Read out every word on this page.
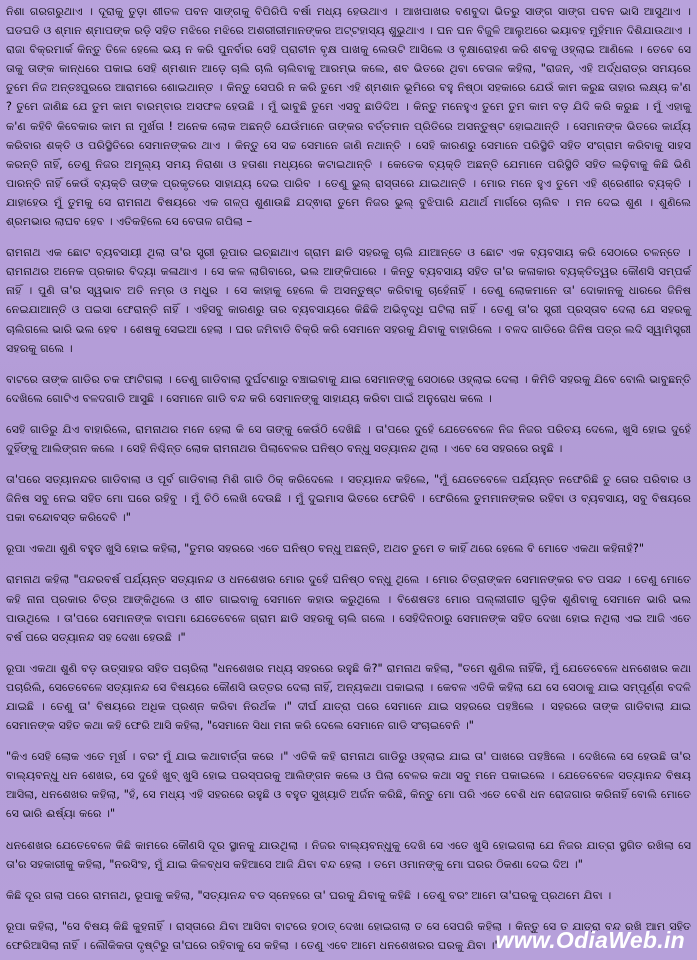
ନିଶା ଗରଗରୁଥାଏ । ଦୂରାକୁ ତୁଡ଼ା ଶୀତଳ ପବନ ସାଙ୍ଗକୁ ବିପିରିପି ବର୍ଷା ମଧ୍ୟ ହେଉଥାଏ । ଆଖପାଖର ବଣବୁଦା ଭିତରୁ ସାଙ୍ଗ ସାଙ୍ଗ ପବନ ଭାସି ଆସୁଥାଏ । ଘଡଘଡି ଓ ଶ୍ମାନ ଶ୍ମାପଙ୍କ ରଡ଼ି ସହିତ ମଝିରେ ମଝିରେ ଅଶରୀରୀମାନଙ୍କର ଅଟ୍ଟହାସ୍ୟ ଶୁଭୁଥାଏ । ଘନ ଘନ ବିଜୁଳି ଆଲୁଅରେ ଭୟାବହ ମୁହଁମାନ ଦିଶିଯାଉଥାଏ । ରାଜା ବିକ୍ରମାର୍କ କିନ୍ତୁ ତିଳେ ହେଲେ ଭୟ ନ କରି ପୁନର୍ବାର ସେହି ପ୍ରାଚୀନ ବୃକ୍ଷ ପାଖକୁ ଲେଉଟି ଆସିଲେ ଓ ବୃକ୍ଷାରୋହଣ କରି ଶବକୁ ଓହ୍ଲାଇ ଆଣିଲେ । ତେବେ ସେ ତାକୁ ତାଙ୍କ କାନ୍ଧରେ ପକାଇ ସେହି ଶ୍ମଶାନ ଆଡ଼େ ଚାଲି ଚାଲି ଚାଲିବାକୁ ଆରମ୍ଭ କଲେ, ଶବ ଭିତରେ ଥିବା ବେତାଳ କହିଲା, "ରାଜନ୍, ଏହି ଅର୍ଦ୍ଧରାତ୍ର ସମୟରେ ତୁମେ ନିଜ ଅନ୍ତଃପୁରରେ ଆରାମରେ ଶୋଇଥାନ୍ତ । କିନ୍ତୁ ସେପରି ନ କରି ତୁମେ ଏହି ଶ୍ମଶାନ ଭୂମିରେ ବହୁ ନିଷ୍ଠା ସହକାରେ ଯେଉଁ କାମ କରୁଛ ତାହାର ଲକ୍ଷ୍ୟ କ'ଣ ? ତୁମେ ଜାଣିଛ ଯେ ତୁମ କାମ ବାରମ୍ବାର ଅସଫଳ ହେଉଛି । ମୁଁ ଭାବୁଛି ତୁମେ ଏସବୁ ଛାଡିଦିଅ । କିନ୍ତୁ ମନେହୁଏ ତୁମେ ତୁମ କାମ ବଡ଼ ଯିଦି କରି କରୁଛ । ମୁଁ ଏହାକୁ କ'ଣ କହିବି କିବେକାର କାମ ନା ମୁର୍ଖତା ! ଅନେକ ଲୋକ ଅଛନ୍ତି ଯେଉଁମାନେ ତାଙ୍କର ବର୍ତ୍ତମାନ ପ୍ରିତିରେ ଅସନ୍ତୁଷ୍ଟ ହୋଇଥାନ୍ତି । ସେମାନଙ୍କ ଭିତରେ କାର୍ଯ୍ୟ କରିବାର ଶକ୍ତି ଓ ପରିସ୍ଥିତିରେ ସେମାନଙ୍କର ଥାଏ । କିନ୍ତୁ ସେ ସଚ୍ଚ ସେମାନେ ଜାଣି ନଥାନ୍ତି । ସେହି କାରଣରୁ ସେମାନେ ପରିସ୍ଥିତି ସହିତ ସଂଗ୍ରାମ କରିବାକୁ ସାହସ କରନ୍ତି ନାହିଁ, ତେଣୁ ନିଜର ଅମୂଲ୍ୟ ସମୟ ନିରାଶା ଓ ହତାଶା ମଧ୍ୟରେ କଟାଇଥାନ୍ତି । କେତେକ ବ୍ୟକ୍ତି ଅଛନ୍ତି ଯେମାନେ ପରିସ୍ଥିତି ସହିତ ଲଢ଼ିବାକୁ କିଛି ଭିଣି ପାରନ୍ତି ନାହିଁ କେଉଁ ବ୍ୟକ୍ତି ତାଙ୍କ ପ୍ରକୃତରେ ସାହାଯ୍ୟ ଦେଇ ପାରିବ । ତେଣୁ ଭୁଲ୍ ରାସ୍ତାରେ ଯାଇଥାନ୍ତି । ମୋର ମନେ ହୁଏ ତୁମେ ଏହି ଶ୍ରେଣୀର ବ୍ୟକ୍ତି । ଯାହାହେଉ ମୁଁ ତୁମକୁ ସେ ରାମନାଥ ବିଷୟରେ ଏକ ଗଳ୍ପ ଶୁଣାଉଛି ଯଦ୍ଵାରା ତୁମେ ନିଜର ଭୁଲ୍ ବୁଝିପାରି ଯଥାର୍ଥ ମାର୍ଗରେ ଚାଲିବ । ମନ ଦେଇ ଶୁଣ । ଶୁଣିଲେ ଶ୍ରମଭାର ଲାଘବ ହେବ । ଏତିକହିଲେ ସେ ବେତାଳ ଗପିଲା –

ରାମନାଥ ଏକ ଛୋଟ ବ୍ୟବସାୟୀ ଥିଲା ତା'ର ସ୍ତ୍ରୀ ରୂପାର ଇଚ୍ଛାଥାଏ ଗ୍ରାମ ଛାଡି ସହରକୁ ଚାଲି ଯାଆନ୍ତେ ଓ ଛୋଟ ଏକ ବ୍ୟବସାୟ କରି ସେଠାରେ ଚଳନ୍ତେ । ରାମନାଥର ଅନେକ ପ୍ରକାର ବିଦ୍ୟା କଳାଥାଏ । ସେ କଳ ଲାଗିବାରେ, ଭଲ ଆଙ୍କିପାରେ । କିନ୍ତୁ ବ୍ୟବସାୟ ସହିତ ତା'ର କଳାକାର ବ୍ୟକ୍ତିତ୍ୱର କୌଣସି ସମ୍ପର୍କ ନାହିଁ । ପୁଣି ତା'ର ସ୍ୱଭାବ ଅତି ନମ୍ର ଓ ମଧୁର । ସେ କାହାକୁ ହେଲେ କି ଅସନ୍ତୁଷ୍ଟ କରିବାକୁ ଚାହେଁନାହିଁ । ତେଣୁ ଲୋକମାନେ ତା' ଦୋକାନକୁ ଧାରରେ ଜିନିଷ ନେଇଯାଆନ୍ତି ଓ ପଇସା ଫେରାନ୍ତି ନାହିଁ । ଏହିସବୁ କାରଣରୁ ତାର ବ୍ୟବସାୟରେ କିଛିକି ଅଭିବୃଦ୍ଧି ଘଟିଲା ନାହିଁ । ତେଣୁ ତା'ର ସ୍ତ୍ରୀ ପ୍ରସ୍ତାବ ଦେଲା ଯେ ସହରକୁ ଚାଲିଗଲେ ଭାରି ଭଲ ହେବ । ଶେଷକୁ ସେଇଆ ହେଲା । ଘର ଜମିବାଡି ବିକ୍ରି କରି ସେମାନେ ସହରକୁ ଯିବାକୁ ବାହାରିଲେ । ବଳଦ ଗାଡିରେ ଜିନିଷ ପତ୍ର ଲଦି ସ୍ୱାମିସ୍ତ୍ରୀ ସହରକୁ ଗଲେ ।

ବାଟରେ ତାଙ୍କ ଗାଡିର ଚକ ଫାଟିଗଲା । ତେଣୁ ଗାଡିବାଲା ଦୁର୍ଘଟଣାରୁ ବଞ୍ଚାଇବାକୁ ଯାଇ ସେମାନଙ୍କୁ ସେଠାରେ ଓହ୍ଲାଇ ଦେଲା । କିମିତି ସହରକୁ ଯିବେ ବୋଲି ଭାବୁଛନ୍ତି ଦେଖିଲେ ଗୋଟିଏ ବଳଦଗାଡି ଆସୁଛି । ସେମାନେ ଗାଡି ବନ୍ଦ କରି ସେମାନଙ୍କୁ ସାହାଯ୍ୟ କରିବା ପାଇଁ ଅନୁରୋଧ କଲେ ।

ସେହି ଗାଡିରୁ ଯିଏ ବାହାରିଲେ, ରାମନାଥର ମନେ ହେଲା କି ସେ ତାଙ୍କୁ କେଉଁଠି ଦେଖିଛି । ତା'ପରେ ଦୁହେଁ ଯେତେବେଳେ ନିଜ ନିଜର ପରିଚୟ ଦେଲେ, ଖୁସି ହୋଇ ଦୁହେଁ ଦୁହିଁଙ୍କୁ ଆଲିଙ୍ଗନ କଲେ । ସେହି ନିଶ୍ଚିନ୍ତ ଲୋକ ରାମନାଥର ପିଲାବେଳର ଘନିଷ୍ଠ ବନ୍ଧୁ ସତ୍ୟାନନ୍ଦ ଥିଲା । ଏବେ ସେ ସହରରେ ରହୁଛି ।

ତା'ପରେ ସତ୍ୟାନନ୍ଦର ଗାଡିବାଲା ଓ ପୂର୍ବ ଗାଡିବାଲା ମିଶି ଗାଡି ଠିକ୍ କରିଦେଲେ । ସତ୍ୟାନନ୍ଦ କହିଲେ, "ମୁଁ ଯେତେବେଳେ ପର୍ଯ୍ୟନ୍ତ ନଫେରିଛି ତୁ ତୋର ପରିବାର ଓ ଜିନିଷ ସବୁ ନେଇ ସହିତ ମୋ ଘରେ ରହିବୁ । ମୁଁ ଚିଠି ଲେଖି ଦେଉଛି । ମୁଁ ଦୁଇମାସ ଭିତରେ ଫେରିବି । ଫେରିଲେ ତୁମମାନଙ୍କର ରହିବା ଓ ବ୍ୟବସାୟ, ସବୁ ବିଷୟରେ ପକା ବନ୍ଦୋବସ୍ତ କରିଦେବି ।"

ରୂପା ଏକଥା ଶୁଣି ବହୁତ ଖୁସି ହୋଇ କହିଲା, "ତୁମର ସହରରେ ଏତେ ଘନିଷ୍ଠ ବନ୍ଧୁ ଅଛନ୍ତି, ଅଥଚ ତୁମେ ତ କାହିଁ ଥରେ ହେଲେ ବି ମୋତେ ଏକଥା କହିନାହଁ?"

ରାମନାଥ କହିଲା "ପନ୍ଦରବର୍ଷ ପର୍ଯ୍ୟନ୍ତ ସତ୍ୟାନନ୍ଦ ଓ ଧନଶେଖର ମୋର ଦୁହେଁ ଘନିଷ୍ଠ ବନ୍ଧୁ ଥିଲେ । ମୋର ଚିତ୍ରାଙ୍କନ ସେମାନଙ୍କର ବଡ ପସନ୍ଦ । ତେଣୁ ମୋତେ କହି ନାନା ପ୍ରକାର ଚିତ୍ର ଆଙ୍କିଥିଲେ ଓ ଶୀତ ଗାଇବାକୁ ସେମାନେ କହାଉ କରୁଥିଲେ । ବିଶେଷତଃ ମୋର ପଲ୍ଲୀଗୀତ ଗୁଡ଼ିକ ଶୁଣିବାକୁ ସେମାନେ ଭାରି ଭଲ ପାଉଥିଲେ । ତା'ପରେ ସେମାନଙ୍କ ବାପମା ଯେତେବେଳେ ଗ୍ରାମ ଛାଡି ସହରକୁ ଚାଲି ଗଲେ । ସେହିଦିନଠାରୁ ସେମାନଙ୍କ ସହିତ ଦେଖା ହୋଇ ନଥିଲା ଏଇ ଆଜି ଏତେ ବର୍ଷ ପରେ ସତ୍ୟାନନ୍ଦ ସହ ଦେଖା ହେଉଛି ।"

ରୂପା ଏକଥା ଶୁଣି ବଡ଼ ଉତ୍ସାହର ସହିତ ପଚାରିଲା "ଧନଶେଖର ମଧ୍ୟ ସହରରେ ରହୁଛି କି?" ରାମନାଥ କହିଲା, "ତମେ ଶୁଣିଲ ନାହିଁକି, ମୁଁ ଯେତେବେଳେ ଧନଶେଖର କଥା ପଚାରିଲି, ସେତେବେଳେ ସତ୍ୟାନନ୍ଦ ସେ ବିଷୟରେ କୌଣସି ଉତ୍ତର ଦେଲା ନାହିଁ, ଅନ୍ୟକଥା ପକାଇଲା । କେବଳ ଏତିକି କହିଲା ଯେ ସେ ସେଠାକୁ ଯାଇ ସମ୍ପୂର୍ଣ୍ଣ ବଦଳି ଯାଇଛି । ତେଣୁ ତା' ବିଷୟରେ ଅଧିକ ପ୍ରଶ୍ନ କରିବା ନିରର୍ଥକ ।" ଦୀର୍ଘ ଯାତ୍ରା ପରେ ସେମାନେ ଯାଇ ସହରରେ ପହଞ୍ଚିଲେ । ସହରରେ ତାଙ୍କ ଗାଡିବାଲା ଯାଇ ସେମାନଙ୍କ ସହିତ କଥା କହି ଫେରି ଆସି କହିଲା, "ସେମାନେ ସିଧା ମନା କରି ଦେଲେ ସେମାନେ ଗାଡି ସଂଚାଇବେନି ।"

"କିଏ ସେହି ଲୋକ ଏତେ ମୂର୍ଖ । ବରଂ ମୁଁ ଯାଇ କଥାବାର୍ତ୍ତା କରେ ।" ଏତିକି କହି ରାମନାଥ ଗାଡିରୁ ଓହ୍ଲାଇ ଯାଇ ତା' ପାଖରେ ପହଞ୍ଚିଲେ । ଦେଖିଲେ ସେ ହେଉଛି ତା'ର ବାଲ୍ୟବନ୍ଧୁ ଧନ ଶେଖର, ସେ ଦୁହେଁ ଖୁବ୍ ଖୁସି ହୋଇ ପରସ୍ପରକୁ ଆଲିଙ୍ଗନ କଲେ ଓ ପିଲା ବେଳର କଥା ସବୁ ମନେ ପକାଇଲେ । ଯେତେବେଳେ ସତ୍ୟାନନ୍ଦ ବିଷୟ ଆସିଲା, ଧନଶେଖର କହିଲା, "ହଁ, ସେ ମଧ୍ୟ ଏହି ସହରରେ ରହୁଛି ଓ ବହୁତ ସୁଖ୍ୟାତି ଅର୍ଜନ କରିଛି, କିନ୍ତୁ ମୋ ପରି ଏତେ ବେଶି ଧନ ରୋଜଗାର କରିନାହିଁ ବୋଲି ମୋତେ ସେ ଭାରି ଈର୍ଷ୍ୟା କରେ ।"

ଧନଶେଖର ଯେତେବେଳେ କିଛି କାମରେ କୌଣସି ଦୂର ସ୍ଥାନକୁ ଯାଉଥିଲା । ନିଜର ବାଲ୍ୟବନ୍ଧୁକୁ ଦେଖି ସେ ଏତେ ଖୁସି ହୋଇଗଲା ଯେ ନିଜର ଯାତ୍ରା ସ୍ଥଗିତ ରଖିଲା ସେ ତା'ର ସହକାରୀକୁ କହିଲା, "ନରସିଂହ, ମୁଁ ଯାଇ କିଳବ୍ଧସ କହିଆସେ ଆଜି ଯିବା ବନ୍ଦ ହେଲା । ତମେ ଓମାନଙ୍କୁ ମୋ ଘରର ଠିକଣା ଦେଇ ଦିଅ ।"

କିଛି ଦୂର ଗଲା ପରେ ରାମନାଥ, ରୂପାକୁ କହିଲା, "ସତ୍ୟାନନ୍ଦ ବଡ ସ୍ନେହରେ ତା' ଘରକୁ ଯିବାକୁ କହିଛି । ତେଣୁ ବରଂ ଆମେ ତା'ଘରକୁ ପ୍ରଥମେ ଯିବା ।

ରୂପା କହିଲା, "ସେ ବିଷୟ କିଛି କୁହନାହିଁ । ରାସ୍ତାରେ ଯିବା ଆସିବା ବାଟରେ ହଠାତ୍ ଦେଖା ହୋଇଗଲା ତ ସେ ସେପରି କହିଲା । କିନ୍ତୁ ସେ ତ ଯାତ୍ରା ବନ୍ଦ ରଖି ଆମ ସହିତ ଫେରିଆସିଲା ନାହିଁ । ଲୌକିକତା ଦୃଷ୍ଟିରୁ ତା'ଘରେ ରହିବାକୁ ସେ କହିଲା । ତେଣୁ ଏବେ ଆମେ ଧନଶେଖରର ଘରକୁ ଯିବା ।"

www.OdiaWeb.in
